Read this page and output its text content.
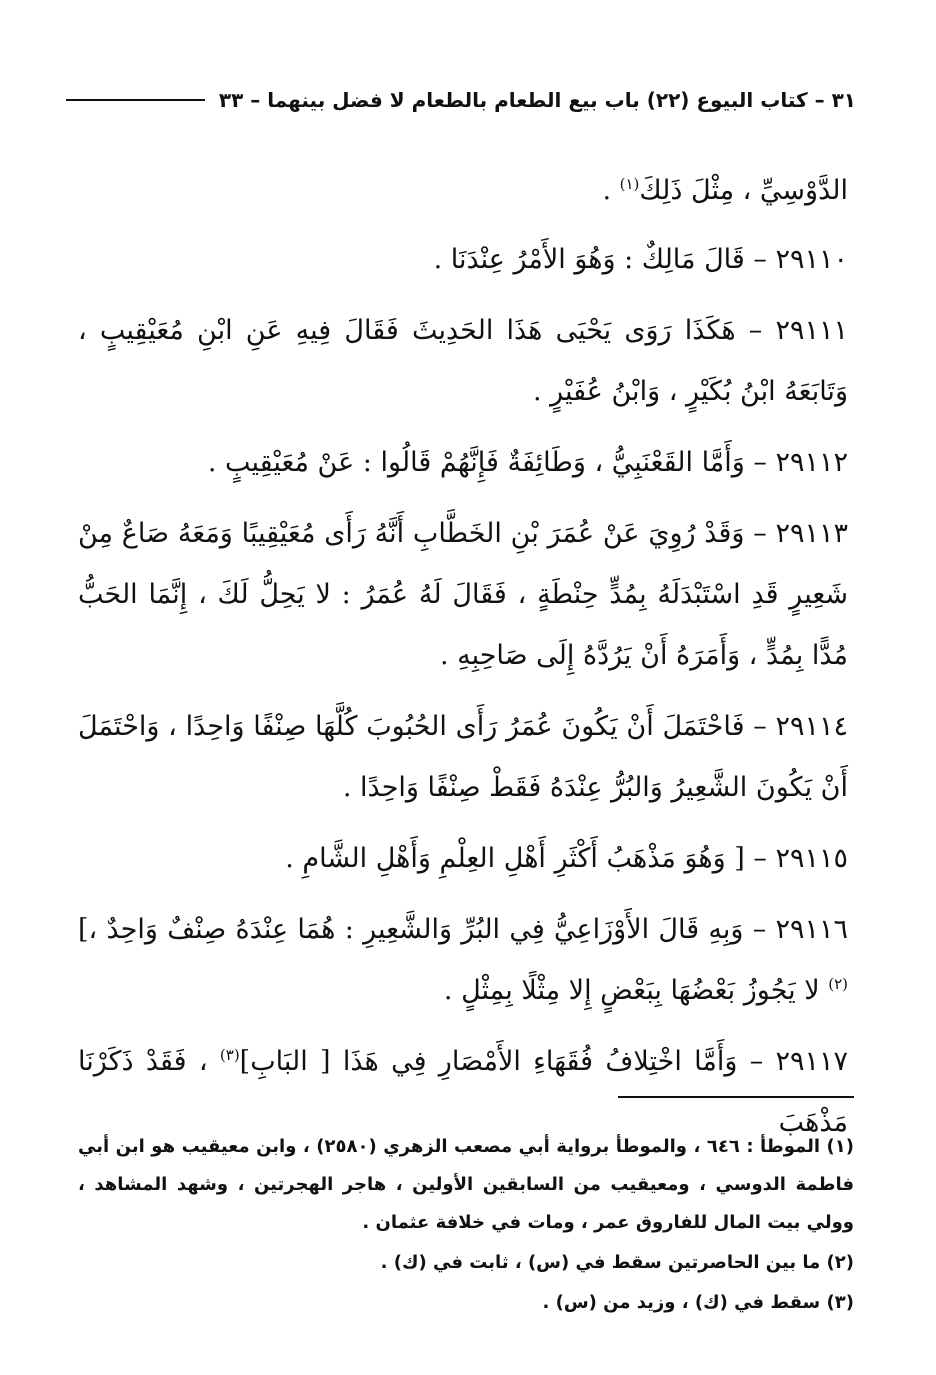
٣١ – كتاب البيوع (٢٢) باب بيع الطعام بالطعام لا فضل بينهما – ٣٣

الدَّوْسِيِّ ، مِثْلَ ذَلِكَ$^{(١)}$ .

٢٩١١٠ – قَالَ مَالِكٌ : وَهُوَ الأَمْرُ عِنْدَنَا .

٢٩١١١ – هَكَذَا رَوَى يَحْيَى هَذَا الحَدِيثَ فَقَالَ فِيهِ عَنِ ابْنِ مُعَيْقِيبٍ ، وَتَابَعَهُ ابْنُ بُكَيْرٍ ، وَابْنُ عُفَيْرٍ .

٢٩١١٢ – وَأَمَّا القَعْنَبِيُّ ، وَطَائِفَةٌ فَإِنَّهُمْ قَالُوا : عَنْ مُعَيْقِيبٍ .

٢٩١١٣ – وَقَدْ رُوِيَ عَنْ عُمَرَ بْنِ الخَطَّابِ أَنَّهُ رَأَى مُعَيْقِيبًا وَمَعَهُ صَاعٌ مِنْ شَعِيرٍ قَدِ اسْتَبْدَلَهُ بِمُدٍّ حِنْطَةٍ ، فَقَالَ لَهُ عُمَرُ : لا يَحِلُّ لَكَ ، إِنَّمَا الحَبُّ مُدًّا بِمُدٍّ ، وَأَمَرَهُ أَنْ يَرُدَّهُ إِلَى صَاحِبِهِ .

٢٩١١٤ – فَاحْتَمَلَ أَنْ يَكُونَ عُمَرُ رَأَى الحُبُوبَ كُلَّهَا صِنْفًا وَاحِدًا ، وَاحْتَمَلَ أَنْ يَكُونَ الشَّعِيرُ وَالبُرُّ عِنْدَهُ فَقَطْ صِنْفًا وَاحِدًا .

٢٩١١٥ – [ وَهُوَ مَذْهَبُ أَكْثَرِ أَهْلِ العِلْمِ وَأَهْلِ الشَّامِ .

٢٩١١٦ – وَبِهِ قَالَ الأَوْزَاعِيُّ فِي البُرِّ وَالشَّعِيرِ : هُمَا عِنْدَهُ صِنْفٌ وَاحِدٌ ،]$^{(٢)}$ لا يَجُوزُ بَعْضُهَا بِبَعْضٍ إِلا مِثْلًا بِمِثْلٍ .

٢٩١١٧ – وَأَمَّا اخْتِلافُ فُقَهَاءِ الأَمْصَارِ فِي هَذَا [ البَابِ]$^{(٣)}$ ، فَقَدْ ذَكَرْنَا مَذْهَبَ

(١) الموطأ : ٦٤٦ ، والموطأ برواية أبي مصعب الزهري (٢٥٨٠) ، وابن معيقيب هو ابن أبي فاطمة الدوسي ، ومعيقيب من السابقين الأولين ، هاجر الهجرتين ، وشهد المشاهد ، وولي بيت المال للفاروق عمر ، ومات في خلافة عثمان .

(٢) ما بين الحاصرتين سقط في (س) ، ثابت في (ك) .

(٣) سقط في (ك) ، وزيد من (س) .
